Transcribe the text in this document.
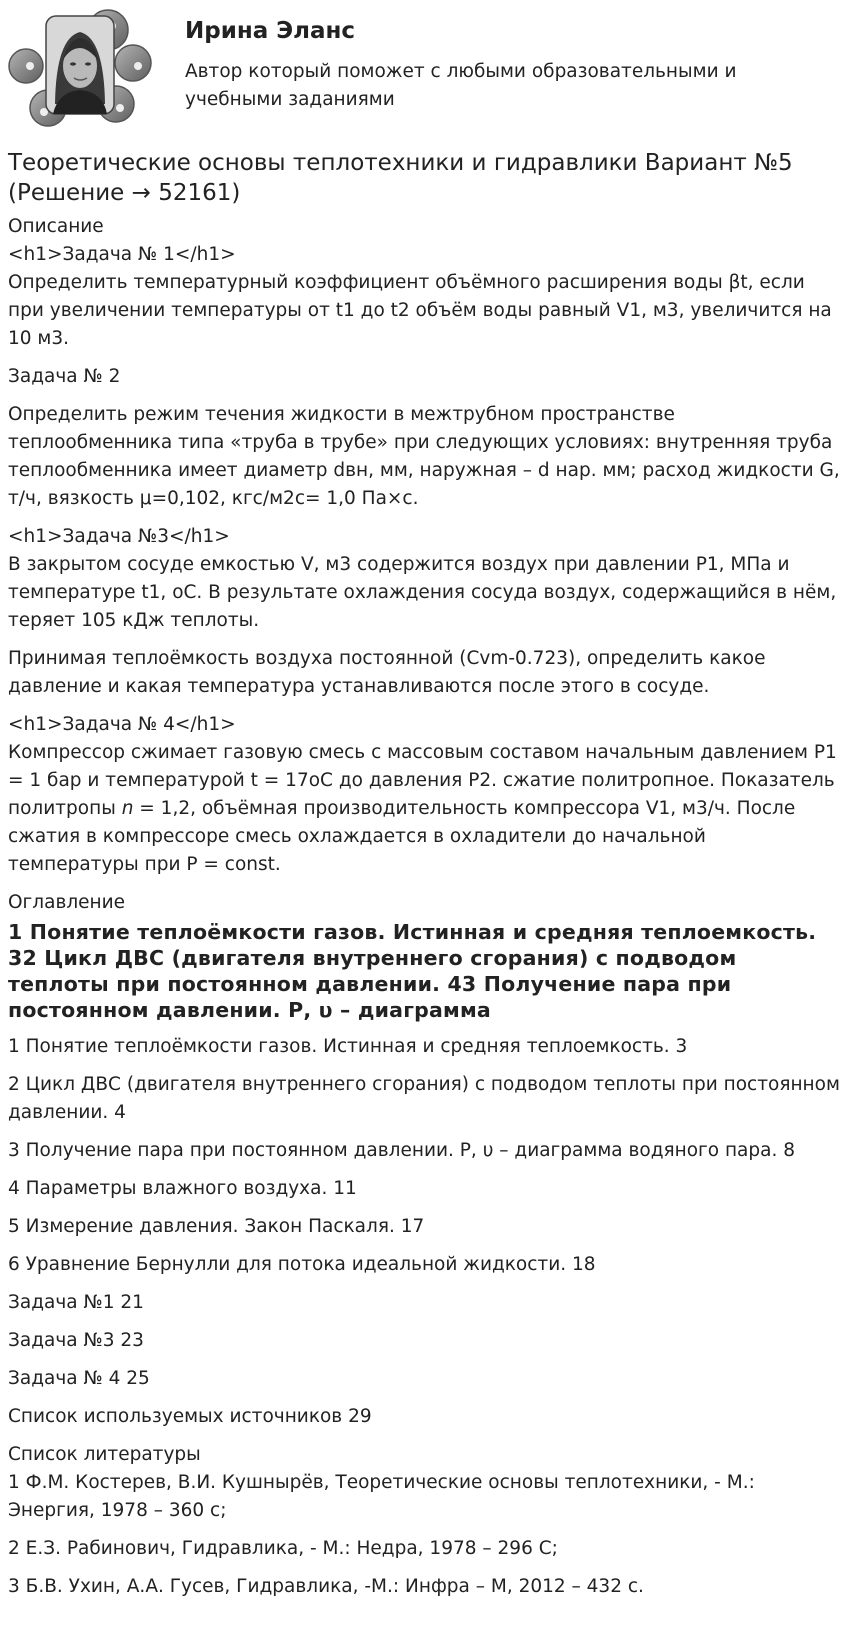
Ирина Эланс
Автор который поможет с любыми образовательными и учебными заданиями
Теоретические основы теплотехники и гидравлики Вариант №5 (Решение → 52161)
Описание

<h1>Задача № 1</h1>
Определить температурный коэффициент объёмного расширения воды βt, если при увеличении температуры от t1 до t2 объём воды равный V1, м3, увеличится на 10 м3.

Задача № 2

Определить режим течения жидкости в межтрубном пространстве теплообменника типа «труба в трубе» при следующих условиях: внутренняя труба теплообменника имеет диаметр dвн, мм, наружная – d нар. мм; расход жидкости G, т/ч, вязкость μ=0,102, кгс/м2с= 1,0 Па×с.

<h1>Задача №3</h1>
В закрытом сосуде емкостью V, м3 содержится воздух при давлении P1, МПа и температуре t1, оС. В результате охлаждения сосуда воздух, содержащийся в нём, теряет 105 кДж теплоты.

Принимая теплоёмкость воздуха постоянной (Cvm-0.723), определить какое давление и какая температура устанавливаются после этого в сосуде.

<h1>Задача № 4</h1>
Компрессор сжимает газовую смесь с массовым составом начальным давлением Р1 = 1 бар и температурой t = 17оС до давления Р2. сжатие политропное. Показатель политропы n = 1,2, объёмная производительность компрессора V1, м3/ч. После сжатия в компрессоре смесь охлаждается в охладители до начальной температуры при P = const.

Оглавление
1 Понятие теплоёмкости газов. Истинная и средняя теплоемкость. 32 Цикл ДВС (двигателя внутреннего сгорания) с подводом теплоты при постоянном давлении. 43 Получение пара при постоянном давлении. Р, υ – диаграмма

1 Понятие теплоёмкости газов. Истинная и средняя теплоемкость. 3

2 Цикл ДВС (двигателя внутреннего сгорания) с подводом теплоты при постоянном давлении. 4

3 Получение пара при постоянном давлении. Р, υ – диаграмма водяного пара. 8

4 Параметры влажного воздуха. 11

5 Измерение давления. Закон Паскаля. 17

6 Уравнение Бернулли для потока идеальной жидкости. 18

Задача №1 21

Задача №3 23

Задача № 4 25

Список используемых источников 29

Список литературы

1 Ф.М. Костерев, В.И. Кушнырёв, Теоретические основы теплотехники, - М.: Энергия, 1978 – 360 с;

2 Е.З. Рабинович, Гидравлика, - М.: Недра, 1978 – 296 С;

3 Б.В. Ухин, А.А. Гусев, Гидравлика, -М.: Инфра – М, 2012 – 432 с.
